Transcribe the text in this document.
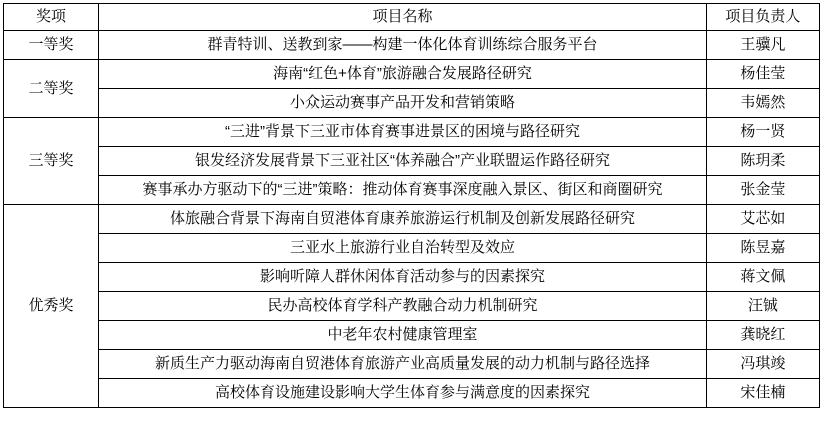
奖项	项目名称	项目负责人
一等奖	群青特训、送教到家——构建一体化体育训练综合服务平台	王骥凡
二等奖	海南“红色+体育”旅游融合发展路径研究	杨佳莹
	小众运动赛事产品开发和营销策略	韦嫣然
三等奖	“三进”背景下三亚市体育赛事进景区的困境与路径研究	杨一贤
	银发经济发展背景下三亚社区“体养融合”产业联盟运作路径研究	陈玥柔
	赛事承办方驱动下的“三进”策略：推动体育赛事深度融入景区、街区和商圈研究	张金莹
优秀奖	体旅融合背景下海南自贸港体育康养旅游运行机制及创新发展路径研究	艾芯如
	三亚水上旅游行业自治转型及效应	陈昱嘉
	影响听障人群休闲体育活动参与的因素探究	蒋文佩
	民办高校体育学科产教融合动力机制研究	汪铖
	中老年农村健康管理室	龚晓红
	新质生产力驱动海南自贸港体育旅游产业高质量发展的动力机制与路径选择	冯琪竣
	高校体育设施建设影响大学生体育参与满意度的因素探究	宋佳楠
